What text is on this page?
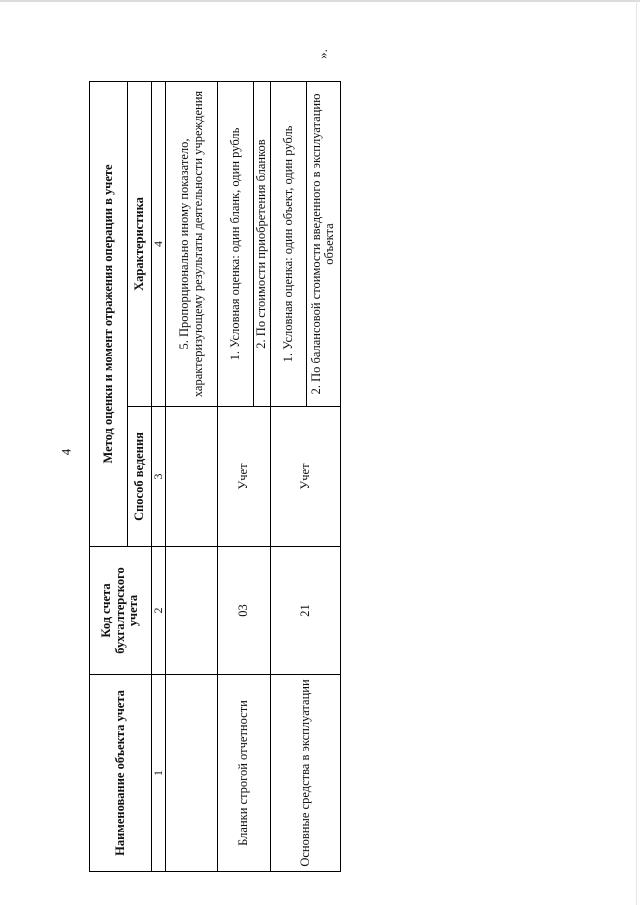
4
».
Наименование объекта учета	Код счета бухгалтерского учета	Метод оценки и момент отражения операции в учете	
		Способ ведения	Характеристика
1	2	3	4
			5. Пропорционально иному показатело, характеризующему результаты деятельности учреждения
Бланки строгой отчетности	03	Учет	1. Условная оценка: один бланк, один рубль
			2. По стоимости приобретения бланков
Основные средства в эксплуатации	21	Учет	1. Условная оценка: один объект, один рубль
			2. По балансовой стоимости введенного в эксплуатацию объекта
